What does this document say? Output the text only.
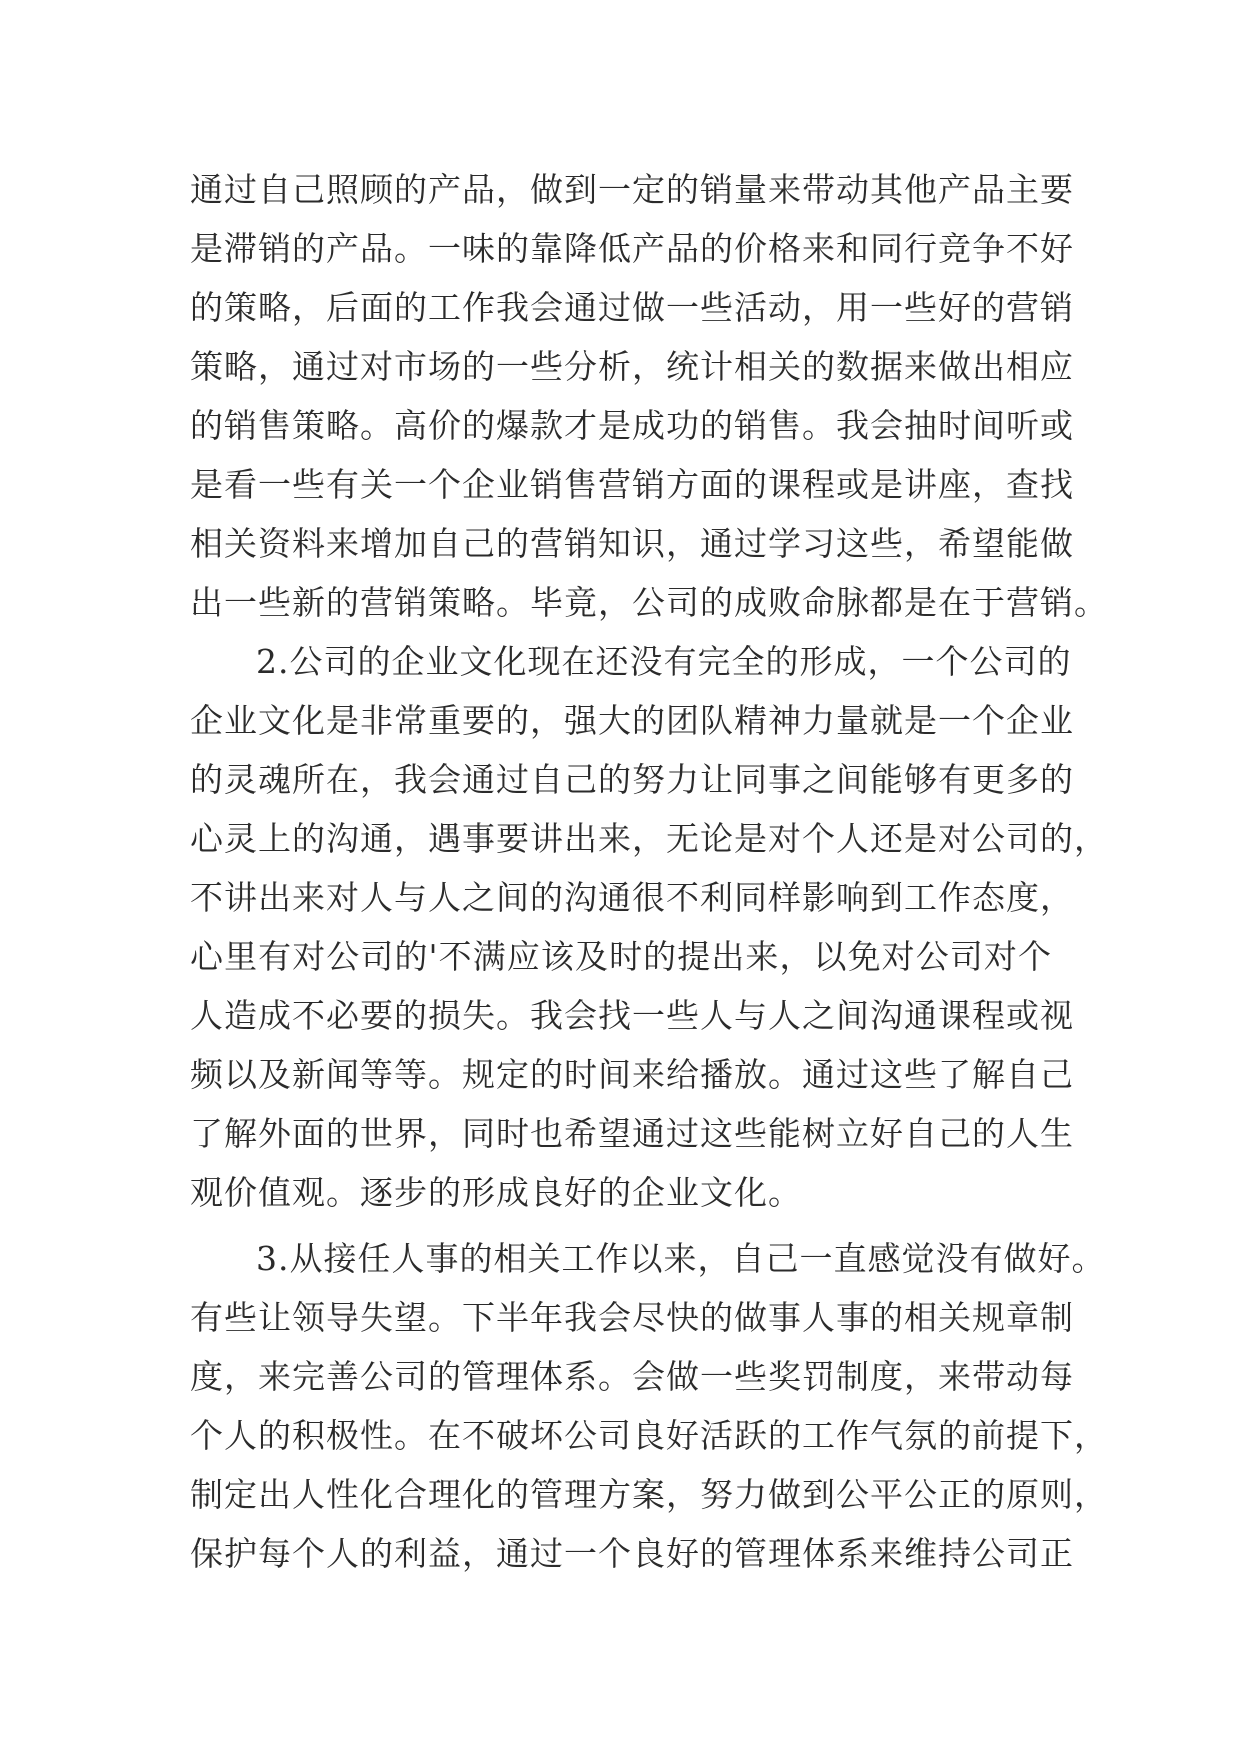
通过自己照顾的产品，做到一定的销量来带动其他产品主要
是滞销的产品。一味的靠降低产品的价格来和同行竞争不好
的策略，后面的工作我会通过做一些活动，用一些好的营销
策略，通过对市场的一些分析，统计相关的数据来做出相应
的销售策略。高价的爆款才是成功的销售。我会抽时间听或
是看一些有关一个企业销售营销方面的课程或是讲座，查找
相关资料来增加自己的营销知识，通过学习这些，希望能做
出一些新的营销策略。毕竟，公司的成败命脉都是在于营销。
2.公司的企业文化现在还没有完全的形成，一个公司的
企业文化是非常重要的，强大的团队精神力量就是一个企业
的灵魂所在，我会通过自己的努力让同事之间能够有更多的
心灵上的沟通，遇事要讲出来，无论是对个人还是对公司的，
不讲出来对人与人之间的沟通很不利同样影响到工作态度，
心里有对公司的'不满应该及时的提出来，以免对公司对个
人造成不必要的损失。我会找一些人与人之间沟通课程或视
频以及新闻等等。规定的时间来给播放。通过这些了解自己
了解外面的世界，同时也希望通过这些能树立好自己的人生
观价值观。逐步的形成良好的企业文化。
3.从接任人事的相关工作以来，自己一直感觉没有做好。
有些让领导失望。下半年我会尽快的做事人事的相关规章制
度，来完善公司的管理体系。会做一些奖罚制度，来带动每
个人的积极性。在不破坏公司良好活跃的工作气氛的前提下，
制定出人性化合理化的管理方案，努力做到公平公正的原则，
保护每个人的利益，通过一个良好的管理体系来维持公司正
